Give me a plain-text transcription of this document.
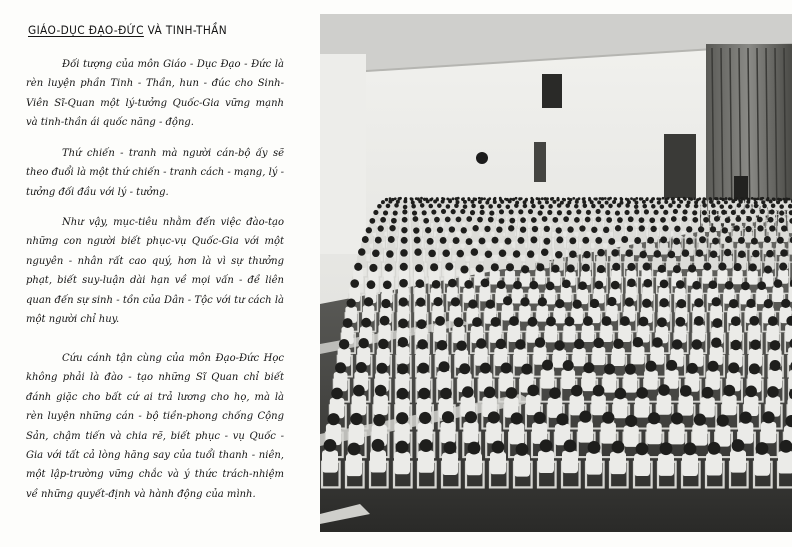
GIÁO-DỤC ĐẠO-ĐỨC VÀ TINH-THẦN
Đối tượng của môn Giáo - Dục Đạo - Đức là rèn luyện phần Tinh - Thần, hun - đúc cho Sinh-Viên Sĩ-Quan một lý-tưởng Quốc-Gia vững mạnh và tinh-thần ái quốc năng - động.
Thứ chiến - tranh mà người cán-bộ ấy sẽ theo đuổi là một thứ chiến - tranh cách - mạng, lý - tưởng đối đầu với lý - tưởng.
Như vậy, mục-tiêu nhằm đến việc đào-tạo những con người biết phục-vụ Quốc-Gia với một nguyên - nhân rất cao quý, hơn là vì sự thưởng phạt, biết suy-luận dài hạn về mọi vấn - đề liên quan đến sự sinh - tồn của Dân - Tộc với tư cách là một người chỉ huy.
Cứu cánh tận cùng của môn Đạo-Đức Học không phải là đào - tạo những Sĩ Quan chỉ biết đánh giặc cho bất cứ ai trả lương cho họ, mà là rèn luyện những cán - bộ tiền-phong chống Cộng Sản, chậm tiến và chia rẽ, biết phục - vụ Quốc - Gia với tất cả lòng hăng say của tuổi thanh - niên, một lập-trường vững chắc và ý thức trách-nhiệm về những quyết-định và hành động của mình.
